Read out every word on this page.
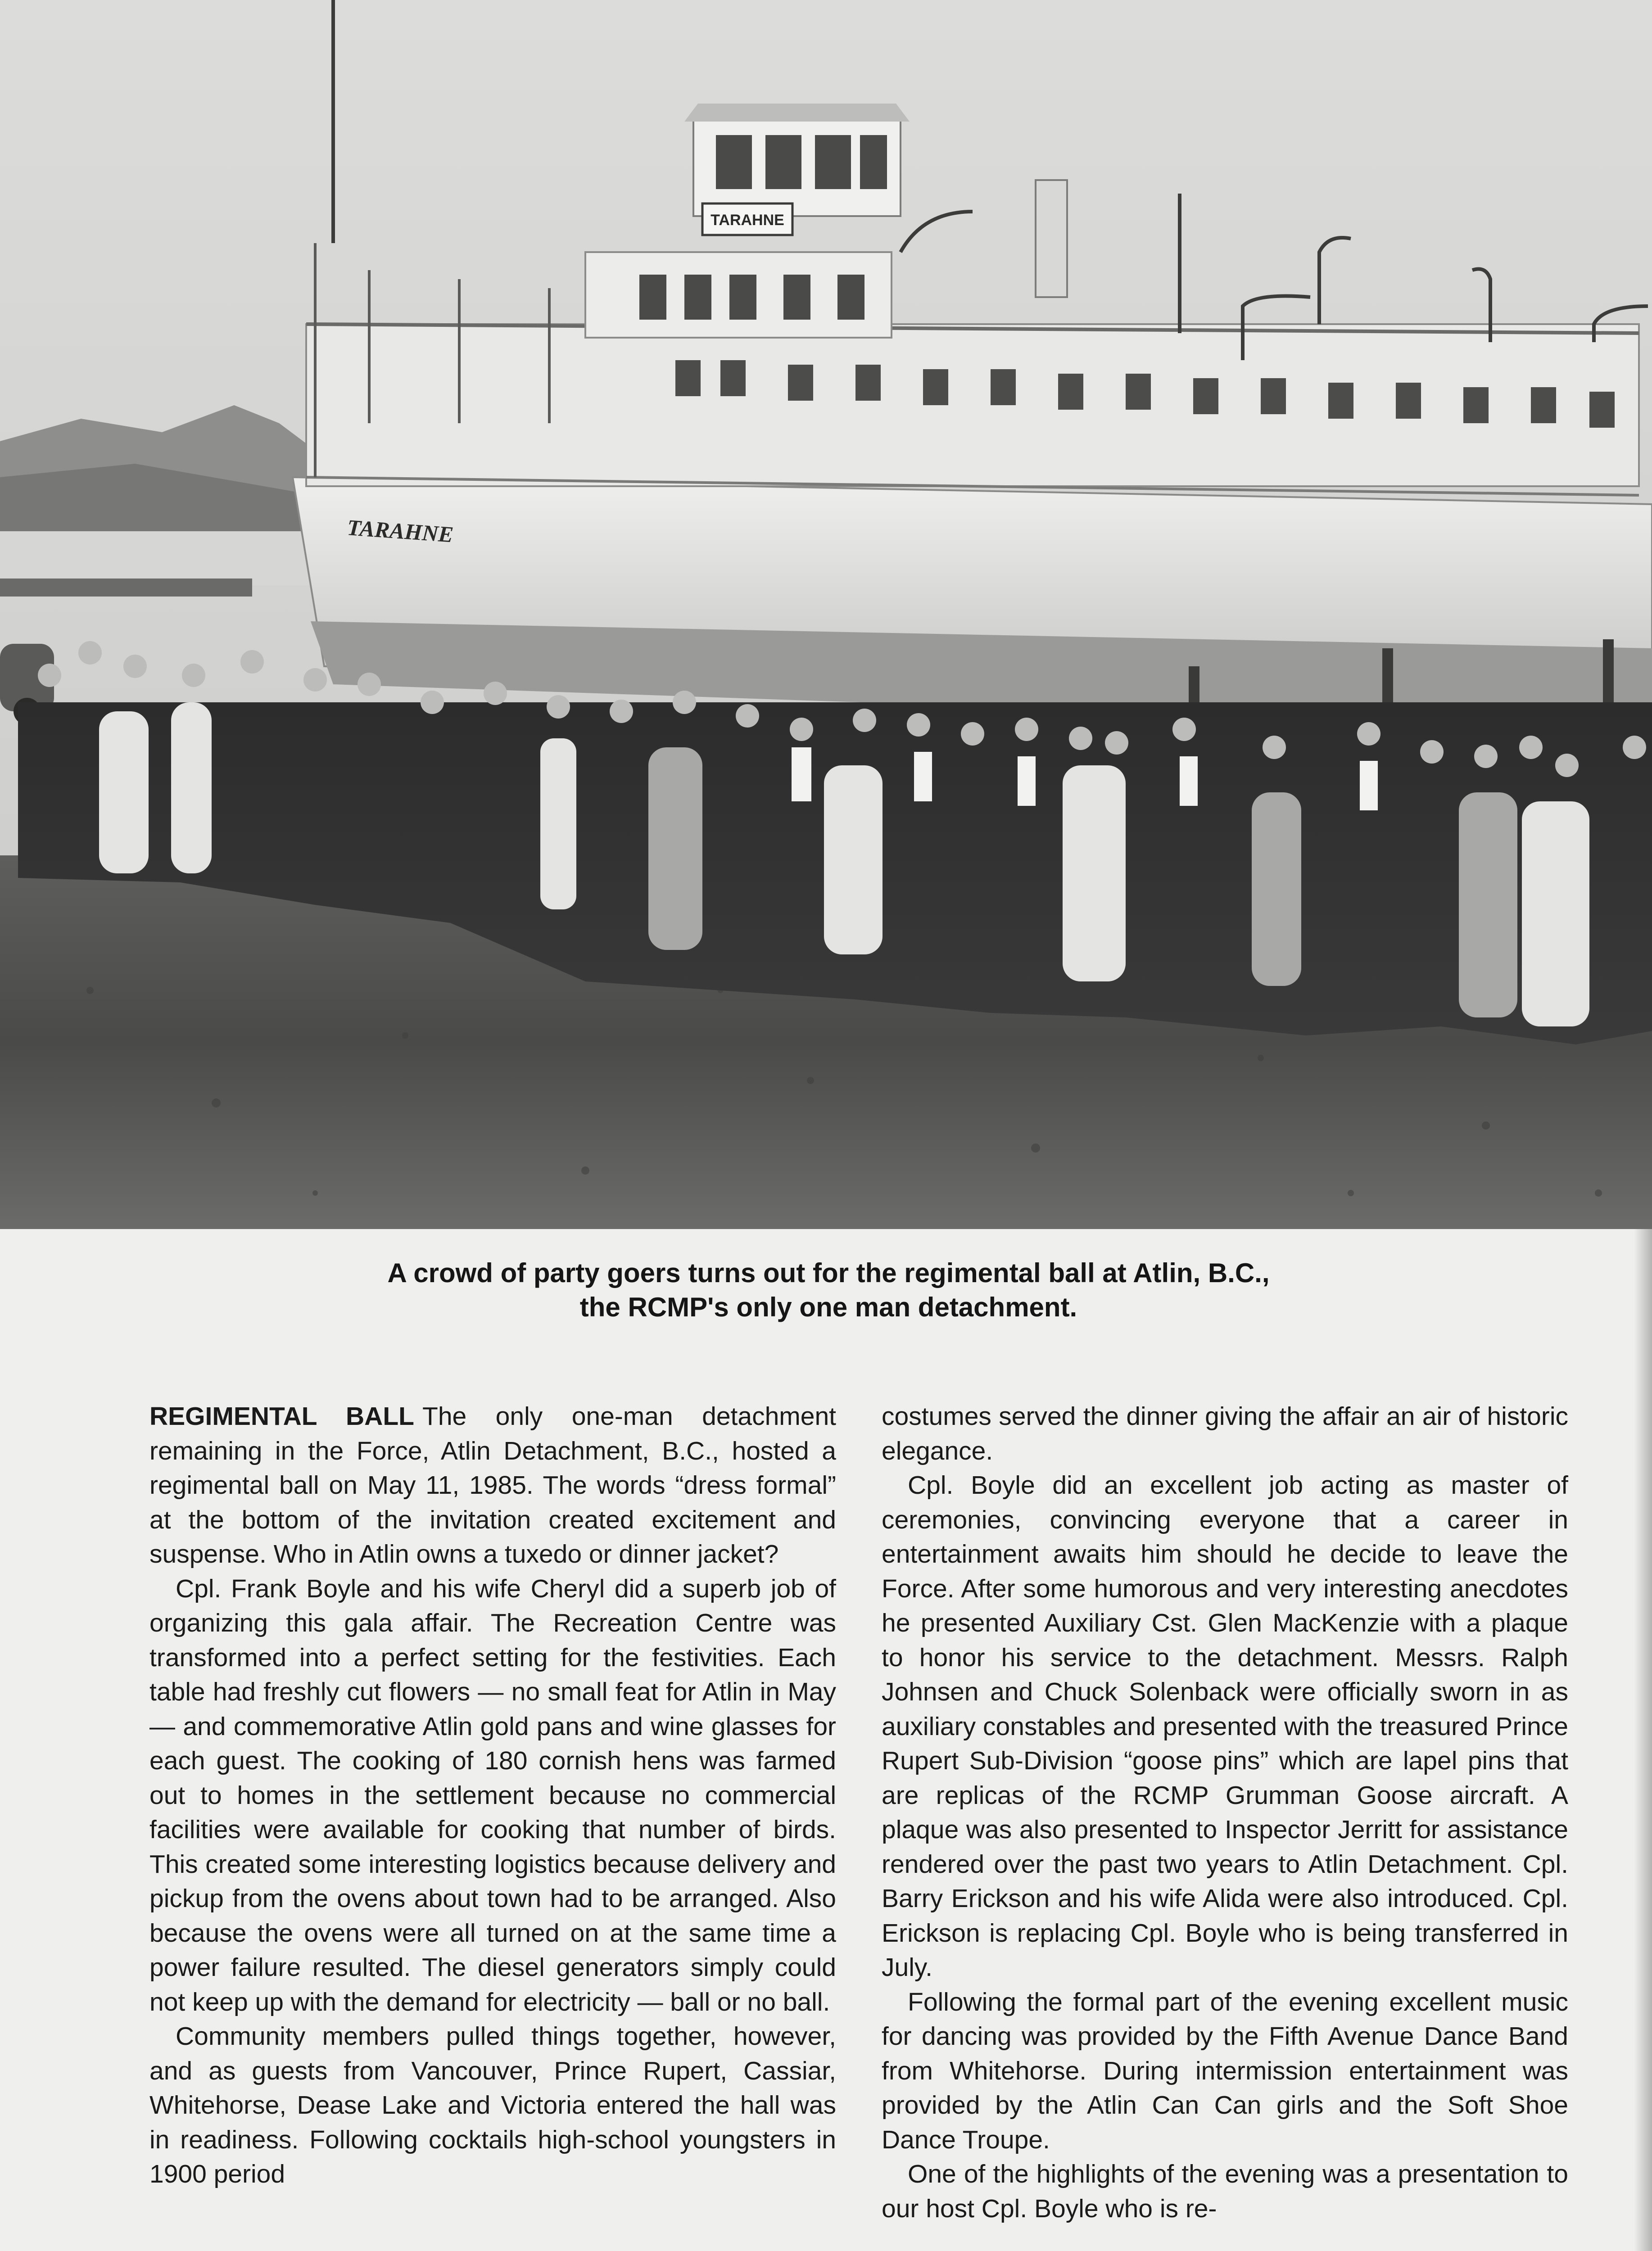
TARAHNE
TARAHNE
A crowd of party goers turns out for the regimental ball at Atlin, B.C.,
the RCMP's only one man detachment.

REGIMENTAL BALL The only one-man detachment remaining in the Force, Atlin Detachment, B.C., hosted a regimental ball on May 11, 1985. The words “dress formal” at the bottom of the invitation created excitement and suspense. Who in Atlin owns a tuxedo or dinner jacket?

Cpl. Frank Boyle and his wife Cheryl did a superb job of organizing this gala affair. The Recreation Centre was transformed into a perfect setting for the festivities. Each table had freshly cut flowers — no small feat for Atlin in May — and commemorative Atlin gold pans and wine glasses for each guest. The cooking of 180 cornish hens was farmed out to homes in the settlement because no commercial facilities were available for cooking that number of birds. This created some interesting logistics because delivery and pickup from the ovens about town had to be arranged. Also because the ovens were all turned on at the same time a power failure resulted. The diesel generators simply could not keep up with the demand for electricity — ball or no ball.

Community members pulled things together, however, and as guests from Vancouver, Prince Rupert, Cassiar, Whitehorse, Dease Lake and Victoria entered the hall was in readiness. Following cocktails high-school youngsters in 1900 period

costumes served the dinner giving the affair an air of historic elegance.

Cpl. Boyle did an excellent job acting as master of ceremonies, convincing everyone that a career in entertainment awaits him should he decide to leave the Force. After some humorous and very interesting anecdotes he presented Auxiliary Cst. Glen MacKenzie with a plaque to honor his service to the detachment. Messrs. Ralph Johnsen and Chuck Solenback were officially sworn in as auxiliary constables and presented with the treasured Prince Rupert Sub-Division “goose pins” which are lapel pins that are replicas of the RCMP Grumman Goose aircraft. A plaque was also presented to Inspector Jerritt for assistance rendered over the past two years to Atlin Detachment. Cpl. Barry Erickson and his wife Alida were also introduced. Cpl. Erickson is replacing Cpl. Boyle who is being transferred in July.

Following the formal part of the evening excellent music for dancing was provided by the Fifth Avenue Dance Band from Whitehorse. During intermission entertainment was provided by the Atlin Can Can girls and the Soft Shoe Dance Troupe.

One of the highlights of the evening was a presentation to our host Cpl. Boyle who is re-
